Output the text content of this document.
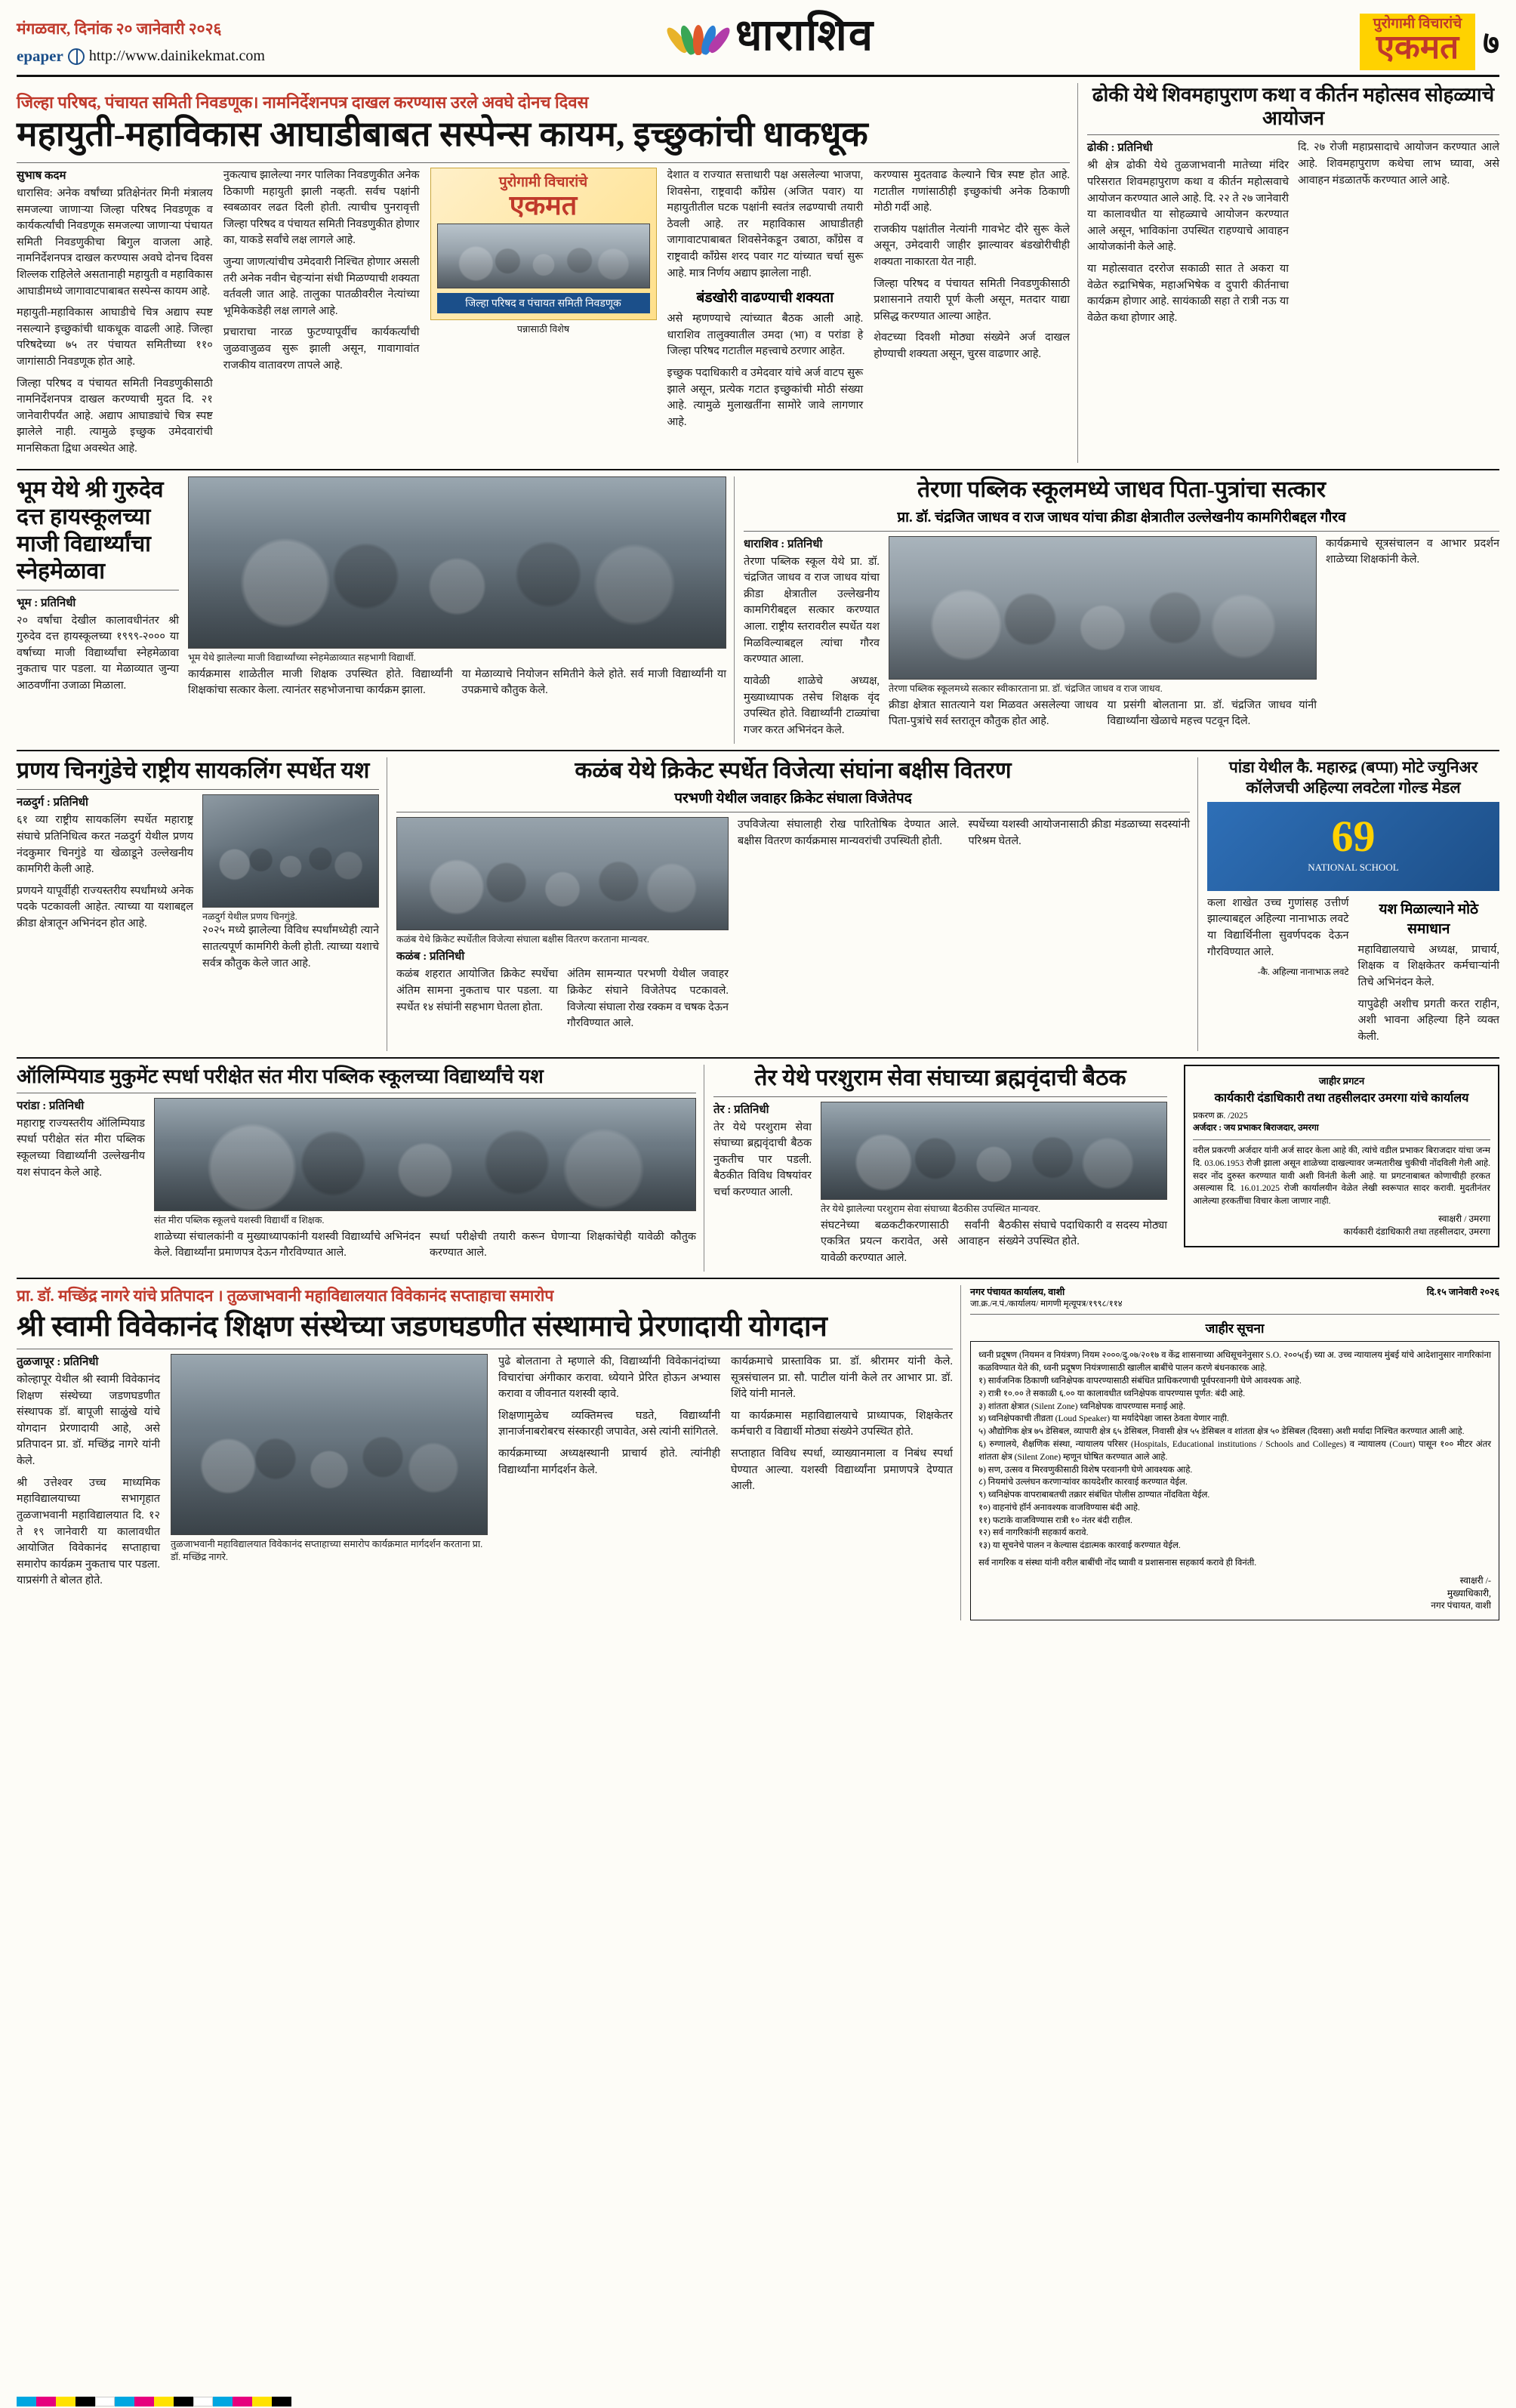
मंगळवार, दिनांक २० जानेवारी २०२६
epaper http://www.dainikekmat.com	धाराशिव	पुरोगामी विचारांचे
एकमत ७
जिल्हा परिषद, पंचायत समिती निवडणूक। नामनिर्देशनपत्र दाखल करण्यास उरले अवघे दोनच दिवस
महायुती-महाविकास आघाडीबाबत सस्पेन्स कायम, इच्छुकांची धाकधूक
सुभाष कदम

धारासिव: अनेक वर्षांच्या प्रतिक्षेनंतर मिनी मंत्रालय समजल्या जाणाऱ्या जिल्हा परिषद निवडणूक व कार्यकर्त्यांची निवडणूक समजल्या जाणाऱ्या पंचायत समिती निवडणुकीचा बिगुल वाजला आहे. नामनिर्देशनपत्र दाखल करण्यास अवघे दोनच दिवस शिल्लक राहिलेले असतानाही महायुती व महाविकास आघाडीमध्ये जागावाटपाबाबत सस्पेन्स कायम आहे.

महायुती-महाविकास आघाडीचे चित्र अद्याप स्पष्ट नसल्याने इच्छुकांची धाकधूक वाढली आहे. जिल्हा परिषदेच्या ७५ तर पंचायत समितीच्या ११० जागांसाठी निवडणूक होत आहे.

जिल्हा परिषद व पंचायत समिती निवडणुकीसाठी नामनिर्देशनपत्र दाखल करण्याची मुदत दि. २१ जानेवारीपर्यंत आहे. अद्याप आघाड्यांचे चित्र स्पष्ट झालेले नाही. त्यामुळे इच्छुक उमेदवारांची मानसिकता द्विधा अवस्थेत आहे.

नुकत्याच झालेल्या नगर पालिका निवडणुकीत अनेक ठिकाणी महायुती झाली नव्हती. सर्वच पक्षांनी स्वबळावर लढत दिली होती. त्याचीच पुनरावृत्ती जिल्हा परिषद व पंचायत समिती निवडणुकीत होणार का, याकडे सर्वांचे लक्ष लागले आहे.

जुन्या जाणत्यांचीच उमेदवारी निश्चित होणार असली तरी अनेक नवीन चेहऱ्यांना संधी मिळण्याची शक्यता वर्तवली जात आहे. तालुका पातळीवरील नेत्यांच्या भूमिकेकडेही लक्ष लागले आहे.

प्रचाराचा नारळ फुटण्यापूर्वीच कार्यकर्त्यांची जुळवाजुळव सुरू झाली असून, गावागावांत राजकीय वातावरण तापले आहे.

पुरोगामी विचारांचे
एकमत
जिल्हा परिषद व पंचायत समिती निवडणूक
पन्नासाठी विशेष

देशात व राज्यात सत्ताधारी पक्ष असलेल्या भाजपा, शिवसेना, राष्ट्रवादी काँग्रेस (अजित पवार) या महायुतीतील घटक पक्षांनी स्वतंत्र लढण्याची तयारी ठेवली आहे. तर महाविकास आघाडीतही जागावाटपाबाबत शिवसेनेकडून उबाठा, काँग्रेस व राष्ट्रवादी काँग्रेस शरद पवार गट यांच्यात चर्चा सुरू आहे. मात्र निर्णय अद्याप झालेला नाही.

बंडखोरी वाढण्याची शक्यता

असे म्हणण्याचे त्यांच्यात बैठक आली आहे. धाराशिव तालुक्यातील उमदा (भा) व परांडा हे जिल्हा परिषद गटातील महत्त्वाचे ठरणार आहेत.

इच्छुक पदाधिकारी व उमेदवार यांचे अर्ज वाटप सुरू झाले असून, प्रत्येक गटात इच्छुकांची मोठी संख्या आहे. त्यामुळे मुलाखतींना सामोरे जावे लागणार आहे.

करण्यास मुदतवाढ केल्याने चित्र स्पष्ट होत आहे. गटातील गणांसाठीही इच्छुकांची अनेक ठिकाणी मोठी गर्दी आहे.

राजकीय पक्षांतील नेत्यांनी गावभेट दौरे सुरू केले असून, उमेदवारी जाहीर झाल्यावर बंडखोरीचीही शक्यता नाकारता येत नाही.

जिल्हा परिषद व पंचायत समिती निवडणुकीसाठी प्रशासनाने तयारी पूर्ण केली असून, मतदार याद्या प्रसिद्ध करण्यात आल्या आहेत.

शेवटच्या दिवशी मोठ्या संख्येने अर्ज दाखल होण्याची शक्यता असून, चुरस वाढणार आहे.

ढोकी येथे शिवमहापुराण कथा व कीर्तन महोत्सव सोहळ्याचे आयोजन
ढोकी : प्रतिनिधी

श्री क्षेत्र ढोकी येथे तुळजाभवानी मातेच्या मंदिर परिसरात शिवमहापुराण कथा व कीर्तन महोत्सवाचे आयोजन करण्यात आले आहे. दि. २२ ते २७ जानेवारी या कालावधीत या सोहळ्याचे आयोजन करण्यात आले असून, भाविकांना उपस्थित राहण्याचे आवाहन आयोजकांनी केले आहे.

या महोत्सवात दररोज सकाळी सात ते अकरा या वेळेत रुद्राभिषेक, महाअभिषेक व दुपारी कीर्तनाचा कार्यक्रम होणार आहे. सायंकाळी सहा ते रात्री नऊ या वेळेत कथा होणार आहे.

दि. २७ रोजी महाप्रसादाचे आयोजन करण्यात आले आहे. शिवमहापुराण कथेचा लाभ घ्यावा, असे आवाहन मंडळातर्फे करण्यात आले आहे.

भूम येथे श्री गुरुदेव दत्त हायस्कूलच्या माजी विद्यार्थ्यांचा स्नेहमेळावा
भूम : प्रतिनिधी

२० वर्षांचा देखील कालावधीनंतर श्री गुरुदेव दत्त हायस्कूलच्या १९९९-२००० या वर्षाच्या माजी विद्यार्थ्यांचा स्नेहमेळावा नुकताच पार पडला. या मेळाव्यात जुन्या आठवणींना उजाळा मिळाला.

भूम येथे झालेल्या माजी विद्यार्थ्यांच्या स्नेहमेळाव्यात सहभागी विद्यार्थी.

कार्यक्रमास शाळेतील माजी शिक्षक उपस्थित होते. विद्यार्थ्यांनी शिक्षकांचा सत्कार केला. त्यानंतर सहभोजनाचा कार्यक्रम झाला.

या मेळाव्याचे नियोजन समितीने केले होते. सर्व माजी विद्यार्थ्यांनी या उपक्रमाचे कौतुक केले.

तेरणा पब्लिक स्कूलमध्ये जाधव पिता-पुत्रांचा सत्कार
प्रा. डॉ. चंद्रजित जाधव व राज जाधव यांचा क्रीडा क्षेत्रातील उल्लेखनीय कामगिरीबद्दल गौरव
धाराशिव : प्रतिनिधी

तेरणा पब्लिक स्कूल येथे प्रा. डॉ. चंद्रजित जाधव व राज जाधव यांचा क्रीडा क्षेत्रातील उल्लेखनीय कामगिरीबद्दल सत्कार करण्यात आला. राष्ट्रीय स्तरावरील स्पर्धेत यश मिळविल्याबद्दल त्यांचा गौरव करण्यात आला.

यावेळी शाळेचे अध्यक्ष, मुख्याध्यापक तसेच शिक्षक वृंद उपस्थित होते. विद्यार्थ्यांनी टाळ्यांचा गजर करत अभिनंदन केले.

तेरणा पब्लिक स्कूलमध्ये सत्कार स्वीकारताना प्रा. डॉ. चंद्रजित जाधव व राज जाधव.

क्रीडा क्षेत्रात सातत्याने यश मिळवत असलेल्या जाधव पिता-पुत्रांचे सर्व स्तरातून कौतुक होत आहे.

या प्रसंगी बोलताना प्रा. डॉ. चंद्रजित जाधव यांनी विद्यार्थ्यांना खेळाचे महत्त्व पटवून दिले.

कार्यक्रमाचे सूत्रसंचालन व आभार प्रदर्शन शाळेच्या शिक्षकांनी केले.

प्रणय चिनगुंडेचे राष्ट्रीय सायकलिंग स्पर्धेत यश
नळदुर्ग : प्रतिनिधी

६१ व्या राष्ट्रीय सायकलिंग स्पर्धेत महाराष्ट्र संघाचे प्रतिनिधित्व करत नळदुर्ग येथील प्रणय नंदकुमार चिनगुंडे या खेळाडूने उल्लेखनीय कामगिरी केली आहे.

प्रणयने यापूर्वीही राज्यस्तरीय स्पर्धांमध्ये अनेक पदके पटकावली आहेत. त्याच्या या यशाबद्दल क्रीडा क्षेत्रातून अभिनंदन होत आहे.

नळदुर्ग येथील प्रणय चिनगुंडे.

२०२५ मध्ये झालेल्या विविध स्पर्धांमध्येही त्याने सातत्यपूर्ण कामगिरी केली होती. त्याच्या यशाचे सर्वत्र कौतुक केले जात आहे.

कळंब येथे क्रिकेट स्पर्धेत विजेत्या संघांना बक्षीस वितरण
परभणी येथील जवाहर क्रिकेट संघाला विजेतेपद
कळंब येथे क्रिकेट स्पर्धेतील विजेत्या संघाला बक्षीस वितरण करताना मान्यवर.
कळंब : प्रतिनिधी

कळंब शहरात आयोजित क्रिकेट स्पर्धेचा अंतिम सामना नुकताच पार पडला. या स्पर्धेत १४ संघांनी सहभाग घेतला होता.

अंतिम सामन्यात परभणी येथील जवाहर क्रिकेट संघाने विजेतेपद पटकावले. विजेत्या संघाला रोख रक्कम व चषक देऊन गौरविण्यात आले.

उपविजेत्या संघालाही रोख पारितोषिक देण्यात आले. बक्षीस वितरण कार्यक्रमास मान्यवरांची उपस्थिती होती.

स्पर्धेच्या यशस्वी आयोजनासाठी क्रीडा मंडळाच्या सदस्यांनी परिश्रम घेतले.

पांडा येथील कै. महारुद्र (बप्पा) मोटे ज्युनिअर कॉलेजची अहिल्या लवटेला गोल्ड मेडल
69
NATIONAL SCHOOL

कला शाखेत उच्च गुणांसह उत्तीर्ण झाल्याबद्दल अहिल्या नानाभाऊ लवटे या विद्यार्थिनीला सुवर्णपदक देऊन गौरविण्यात आले.

-कै. अहिल्या नानाभाऊ लवटे
यश मिळाल्याने मोठे समाधान

महाविद्यालयाचे अध्यक्ष, प्राचार्य, शिक्षक व शिक्षकेतर कर्मचाऱ्यांनी तिचे अभिनंदन केले.

यापुढेही अशीच प्रगती करत राहीन, अशी भावना अहिल्या हिने व्यक्त केली.

ऑलिम्पियाड मुकुमेंट स्पर्धा परीक्षेत संत मीरा पब्लिक स्कूलच्या विद्यार्थ्यांचे यश
परांडा : प्रतिनिधी

महाराष्ट्र राज्यस्तरीय ऑलिम्पियाड स्पर्धा परीक्षेत संत मीरा पब्लिक स्कूलच्या विद्यार्थ्यांनी उल्लेखनीय यश संपादन केले आहे.

संत मीरा पब्लिक स्कूलचे यशस्वी विद्यार्थी व शिक्षक.

शाळेच्या संचालकांनी व मुख्याध्यापकांनी यशस्वी विद्यार्थ्यांचे अभिनंदन केले. विद्यार्थ्यांना प्रमाणपत्र देऊन गौरविण्यात आले.

स्पर्धा परीक्षेची तयारी करून घेणाऱ्या शिक्षकांचेही यावेळी कौतुक करण्यात आले.

तेर येथे परशुराम सेवा संघाच्या ब्रह्मवृंदाची बैठक
तेर : प्रतिनिधी

तेर येथे परशुराम सेवा संघाच्या ब्रह्मवृंदाची बैठक नुकतीच पार पडली. बैठकीत विविध विषयांवर चर्चा करण्यात आली.

तेर येथे झालेल्या परशुराम सेवा संघाच्या बैठकीस उपस्थित मान्यवर.

संघटनेच्या बळकटीकरणासाठी सर्वांनी एकत्रित प्रयत्न करावेत, असे आवाहन यावेळी करण्यात आले.

बैठकीस संघाचे पदाधिकारी व सदस्य मोठ्या संख्येने उपस्थित होते.

जाहीर प्रगटन
कार्यकारी दंडाधिकारी तथा तहसीलदार उमरगा यांचे कार्यालय
प्रकरण क्र. /2025
अर्जदार : जय प्रभाकर बिराजदार, उमरगा
वरील प्रकरणी अर्जदार यांनी अर्ज सादर केला आहे की, त्यांचे वडील प्रभाकर बिराजदार यांचा जन्म दि. 03.06.1953 रोजी झाला असून शाळेच्या दाखल्यावर जन्मतारीख चुकीची नोंदविली गेली आहे. सदर नोंद दुरुस्त करण्यात यावी अशी विनंती केली आहे. या प्रगटनाबाबत कोणाचीही हरकत असल्यास दि. 16.01.2025 रोजी कार्यालयीन वेळेत लेखी स्वरूपात सादर करावी. मुदतीनंतर आलेल्या हरकतींचा विचार केला जाणार नाही.
स्वाक्षरी / उमरगा
कार्यकारी दंडाधिकारी तथा तहसीलदार, उमरगा
प्रा. डॉ. मच्छिंद्र नागरे यांचे प्रतिपादन । तुळजाभवानी महाविद्यालयात विवेकानंद सप्ताहाचा समारोप
श्री स्वामी विवेकानंद शिक्षण संस्थेच्या जडणघडणीत संस्थामाचे प्रेरणादायी योगदान
तुळजापूर : प्रतिनिधी

कोल्हापूर येथील श्री स्वामी विवेकानंद शिक्षण संस्थेच्या जडणघडणीत संस्थापक डॉ. बापूजी साळुंखे यांचे योगदान प्रेरणादायी आहे, असे प्रतिपादन प्रा. डॉ. मच्छिंद्र नागरे यांनी केले.

श्री उत्तेश्वर उच्च माध्यमिक महाविद्यालयाच्या सभागृहात तुळजाभवानी महाविद्यालयात दि. १२ ते १९ जानेवारी या कालावधीत आयोजित विवेकानंद सप्ताहाचा समारोप कार्यक्रम नुकताच पार पडला. याप्रसंगी ते बोलत होते.

तुळजाभवानी महाविद्यालयात विवेकानंद सप्ताहाच्या समारोप कार्यक्रमात मार्गदर्शन करताना प्रा. डॉ. मच्छिंद्र नागरे.

पुढे बोलताना ते म्हणाले की, विद्यार्थ्यांनी विवेकानंदांच्या विचारांचा अंगीकार करावा. ध्येयाने प्रेरित होऊन अभ्यास करावा व जीवनात यशस्वी व्हावे.

शिक्षणामुळेच व्यक्तिमत्त्व घडते, विद्यार्थ्यांनी ज्ञानार्जनाबरोबरच संस्कारही जपावेत, असे त्यांनी सांगितले.

कार्यक्रमाच्या अध्यक्षस्थानी प्राचार्य होते. त्यांनीही विद्यार्थ्यांना मार्गदर्शन केले.

कार्यक्रमाचे प्रास्ताविक प्रा. डॉ. श्रीरामर यांनी केले. सूत्रसंचालन प्रा. सौ. पाटील यांनी केले तर आभार प्रा. डॉ. शिंदे यांनी मानले.

या कार्यक्रमास महाविद्यालयाचे प्राध्यापक, शिक्षकेतर कर्मचारी व विद्यार्थी मोठ्या संख्येने उपस्थित होते.

सप्ताहात विविध स्पर्धा, व्याख्यानमाला व निबंध स्पर्धा घेण्यात आल्या. यशस्वी विद्यार्थ्यांना प्रमाणपत्रे देण्यात आली.

नगर पंचायत कार्यालय, वाशी	दि.१५ जानेवारी २०२६
जा.क्र./न.पं./कार्यालय/ मागणी मृत्यूपत्र/१९९८/११४
जाहीर सूचना
ध्वनी प्रदूषण (नियमन व नियंत्रण) नियम २०००/दु.०७/२०१७ व केंद्र शासनाच्या अधिसूचनेनुसार S.O. २००५(ई) च्या अ. उच्च न्यायालय मुंबई यांचे आदेशानुसार नागरिकांना कळविण्यात येते की, ध्वनी प्रदूषण नियंत्रणासाठी खालील बाबींचे पालन करणे बंधनकारक आहे.
१) सार्वजनिक ठिकाणी ध्वनिक्षेपक वापरण्यासाठी संबंधित प्राधिकरणाची पूर्वपरवानगी घेणे आवश्यक आहे.
२) रात्री १०.०० ते सकाळी ६.०० या कालावधीत ध्वनिक्षेपक वापरण्यास पूर्णत: बंदी आहे.
३) शांतता क्षेत्रात (Silent Zone) ध्वनिक्षेपक वापरण्यास मनाई आहे.
४) ध्वनिक्षेपकाची तीव्रता (Loud Speaker) या मर्यादेपेक्षा जास्त ठेवता येणार नाही.
५) औद्योगिक क्षेत्र ७५ डेसिबल, व्यापारी क्षेत्र ६५ डेसिबल, निवासी क्षेत्र ५५ डेसिबल व शांतता क्षेत्र ५० डेसिबल (दिवसा) अशी मर्यादा निश्चित करण्यात आली आहे.
६) रुग्णालये, शैक्षणिक संस्था, न्यायालय परिसर (Hospitals, Educational institutions / Schools and Colleges) व न्यायालय (Court) पासून १०० मीटर अंतर शांतता क्षेत्र (Silent Zone) म्हणून घोषित करण्यात आले आहे.
७) सण, उत्सव व मिरवणुकीसाठी विशेष परवानगी घेणे आवश्यक आहे.
८) नियमांचे उल्लंघन करणाऱ्यांवर कायदेशीर कारवाई करण्यात येईल.
९) ध्वनिक्षेपक वापराबाबतची तक्रार संबंधित पोलीस ठाण्यात नोंदविता येईल.
१०) वाहनांचे हॉर्न अनावश्यक वाजविण्यास बंदी आहे.
११) फटाके वाजविण्यास रात्री १० नंतर बंदी राहील.
१२) सर्व नागरिकांनी सहकार्य करावे.
१३) या सूचनेचे पालन न केल्यास दंडात्मक कारवाई करण्यात येईल.
सर्व नागरिक व संस्था यांनी वरील बाबींची नोंद घ्यावी व प्रशासनास सहकार्य करावे ही विनंती.
स्वाक्षरी /-
मुख्याधिकारी,
नगर पंचायत, वाशी
